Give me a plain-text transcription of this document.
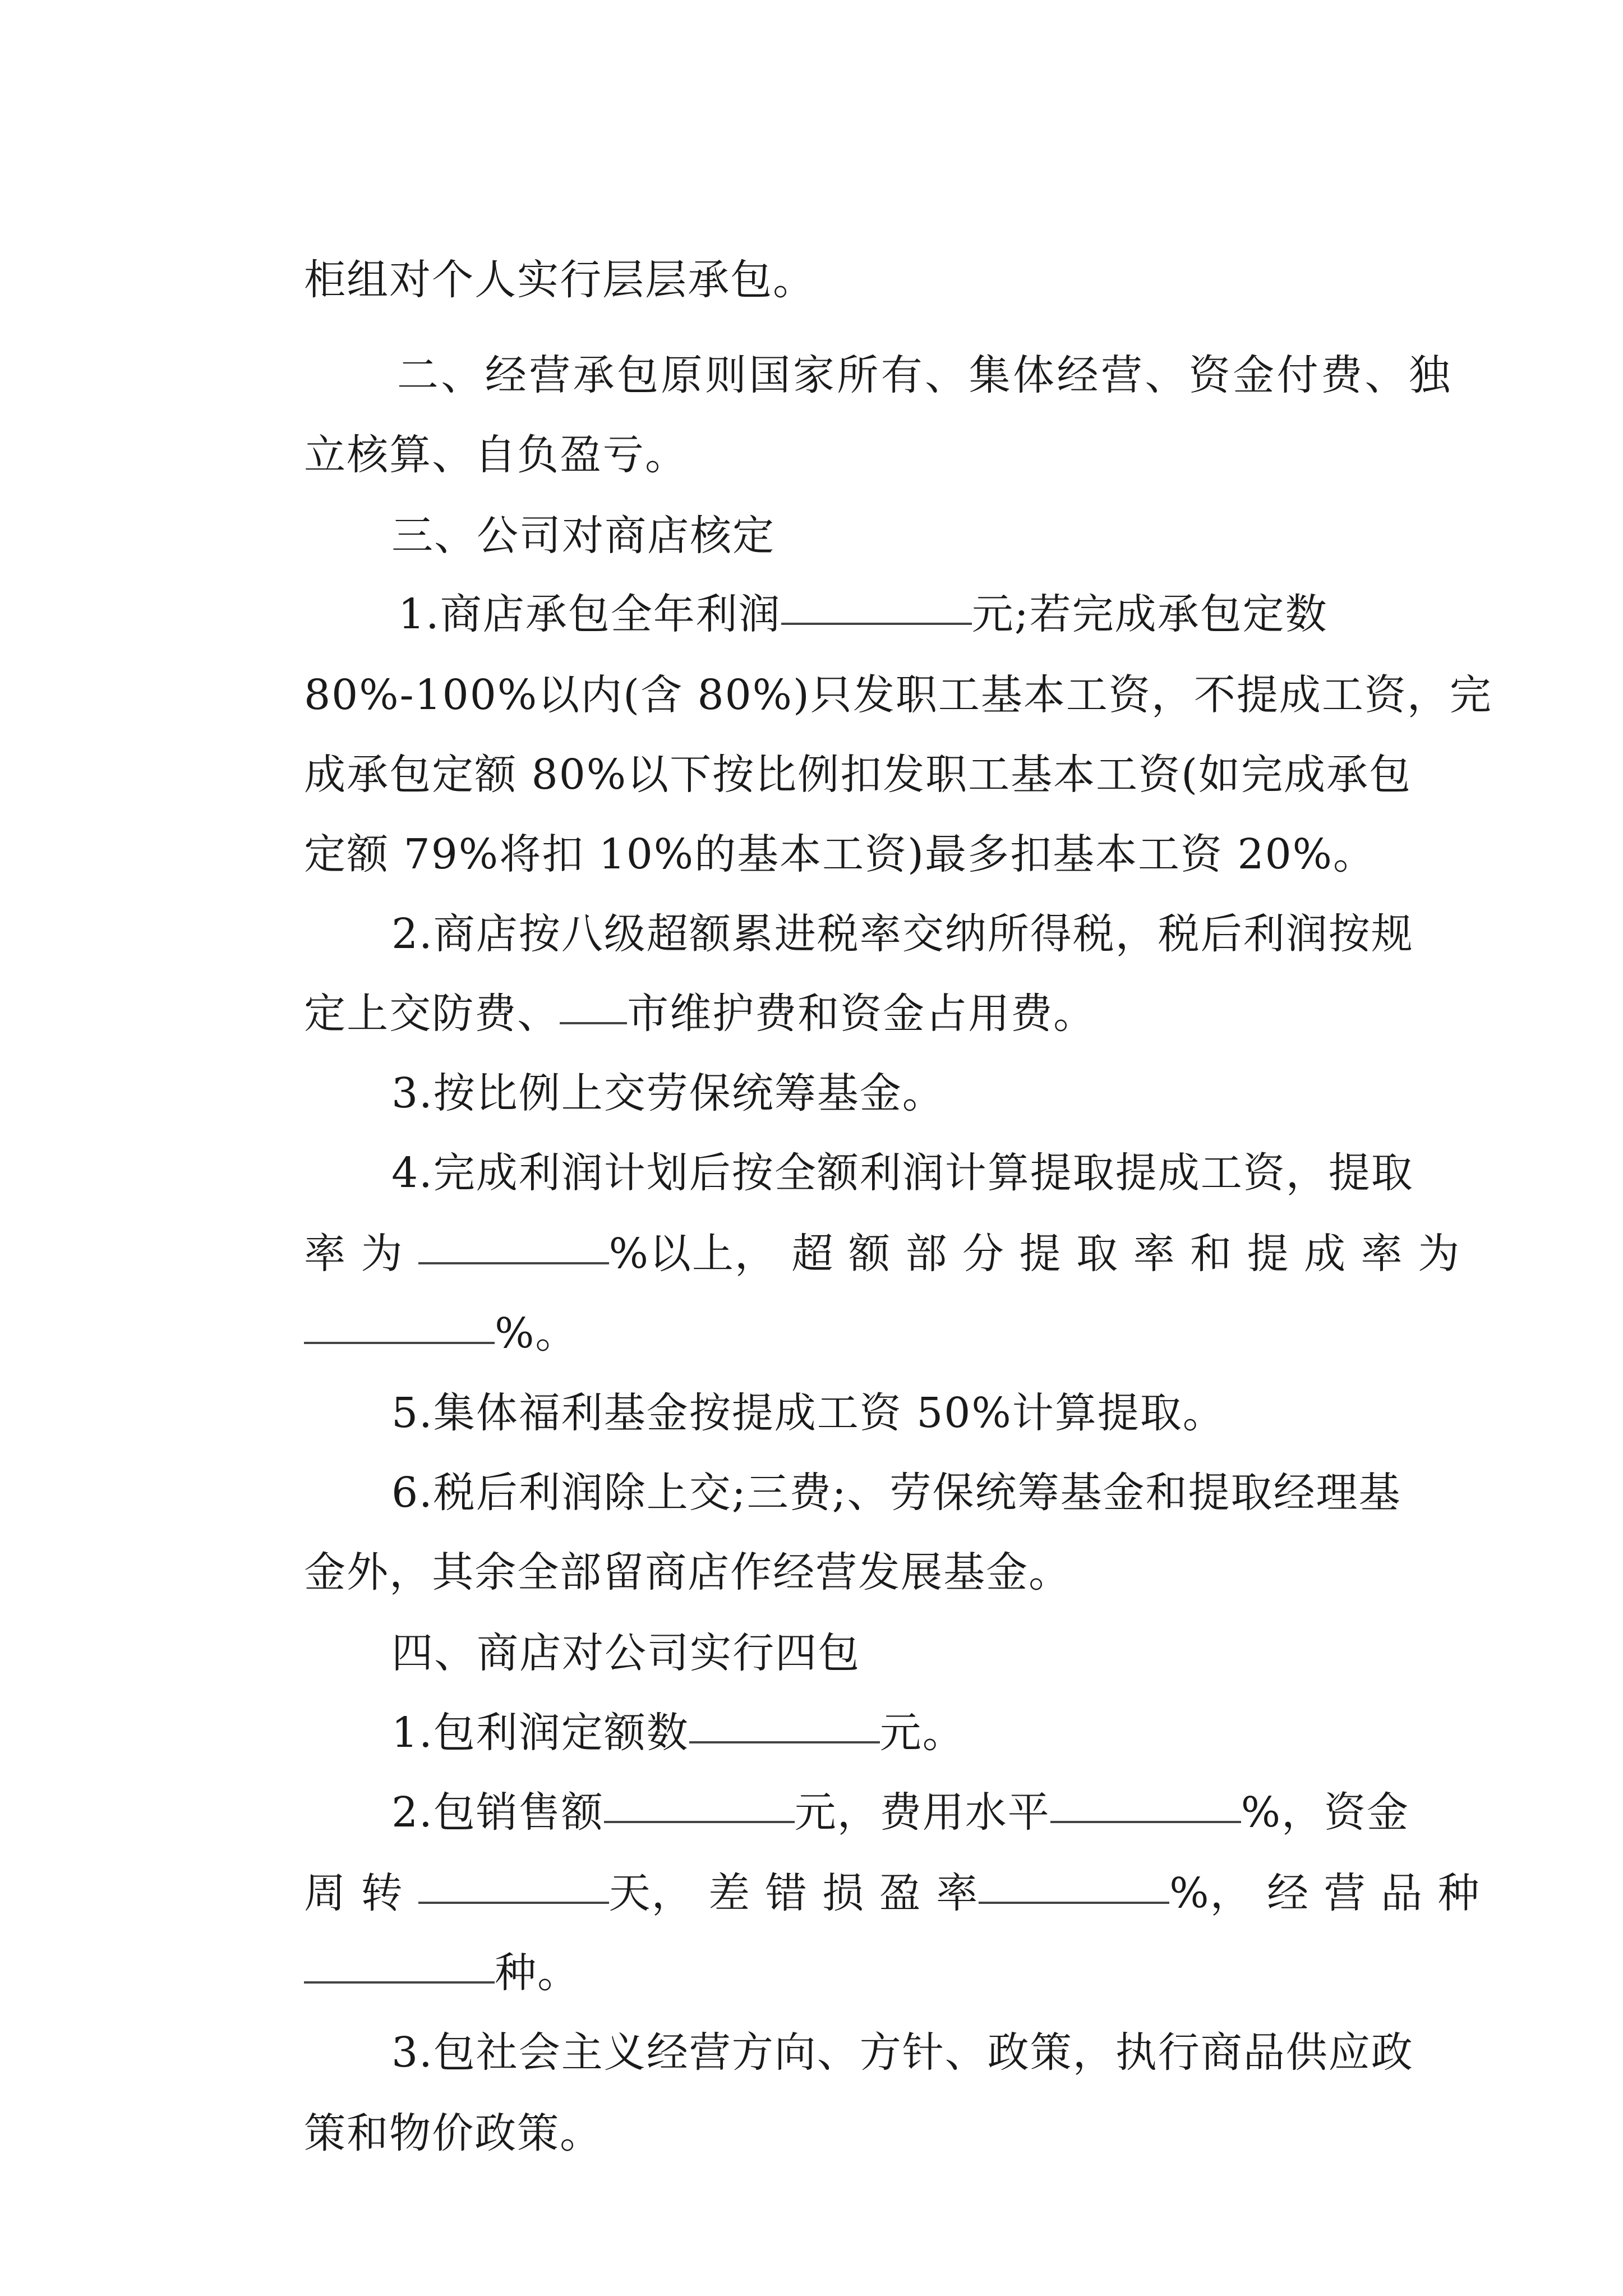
柜组对个人实行层层承包。

二、经营承包原则国家所有、集体经营、资金付费、独

立核算、自负盈亏。

三、公司对商店核定

1.商店承包全年利润	元;若完成承包定数

80%-100%以内(含 80%)只发职工基本工资，不提成工资，完

成承包定额 80%以下按比例扣发职工基本工资(如完成承包

定额 79%将扣 10%的基本工资)最多扣基本工资 20%。

2.商店按八级超额累进税率交纳所得税，税后利润按规

定上交防费、 市维护费和资金占用费。

3.按比例上交劳保统筹基金。

4.完成利润计划后按全额利润计算提取提成工资，提取

率 为	%以上， 超 额 部 分 提 取 率 和 提 成 率 为

%。

5.集体福利基金按提成工资 50%计算提取。

6.税后利润除上交;三费;、劳保统筹基金和提取经理基

金外，其余全部留商店作经营发展基金。

四、商店对公司实行四包

1.包利润定额数	元。

2.包销售额	元，费用水平	%，资金

周 转	天， 差 错 损 盈 率	%， 经 营 品 种

种。

3.包社会主义经营方向、方针、政策，执行商品供应政

策和物价政策。
